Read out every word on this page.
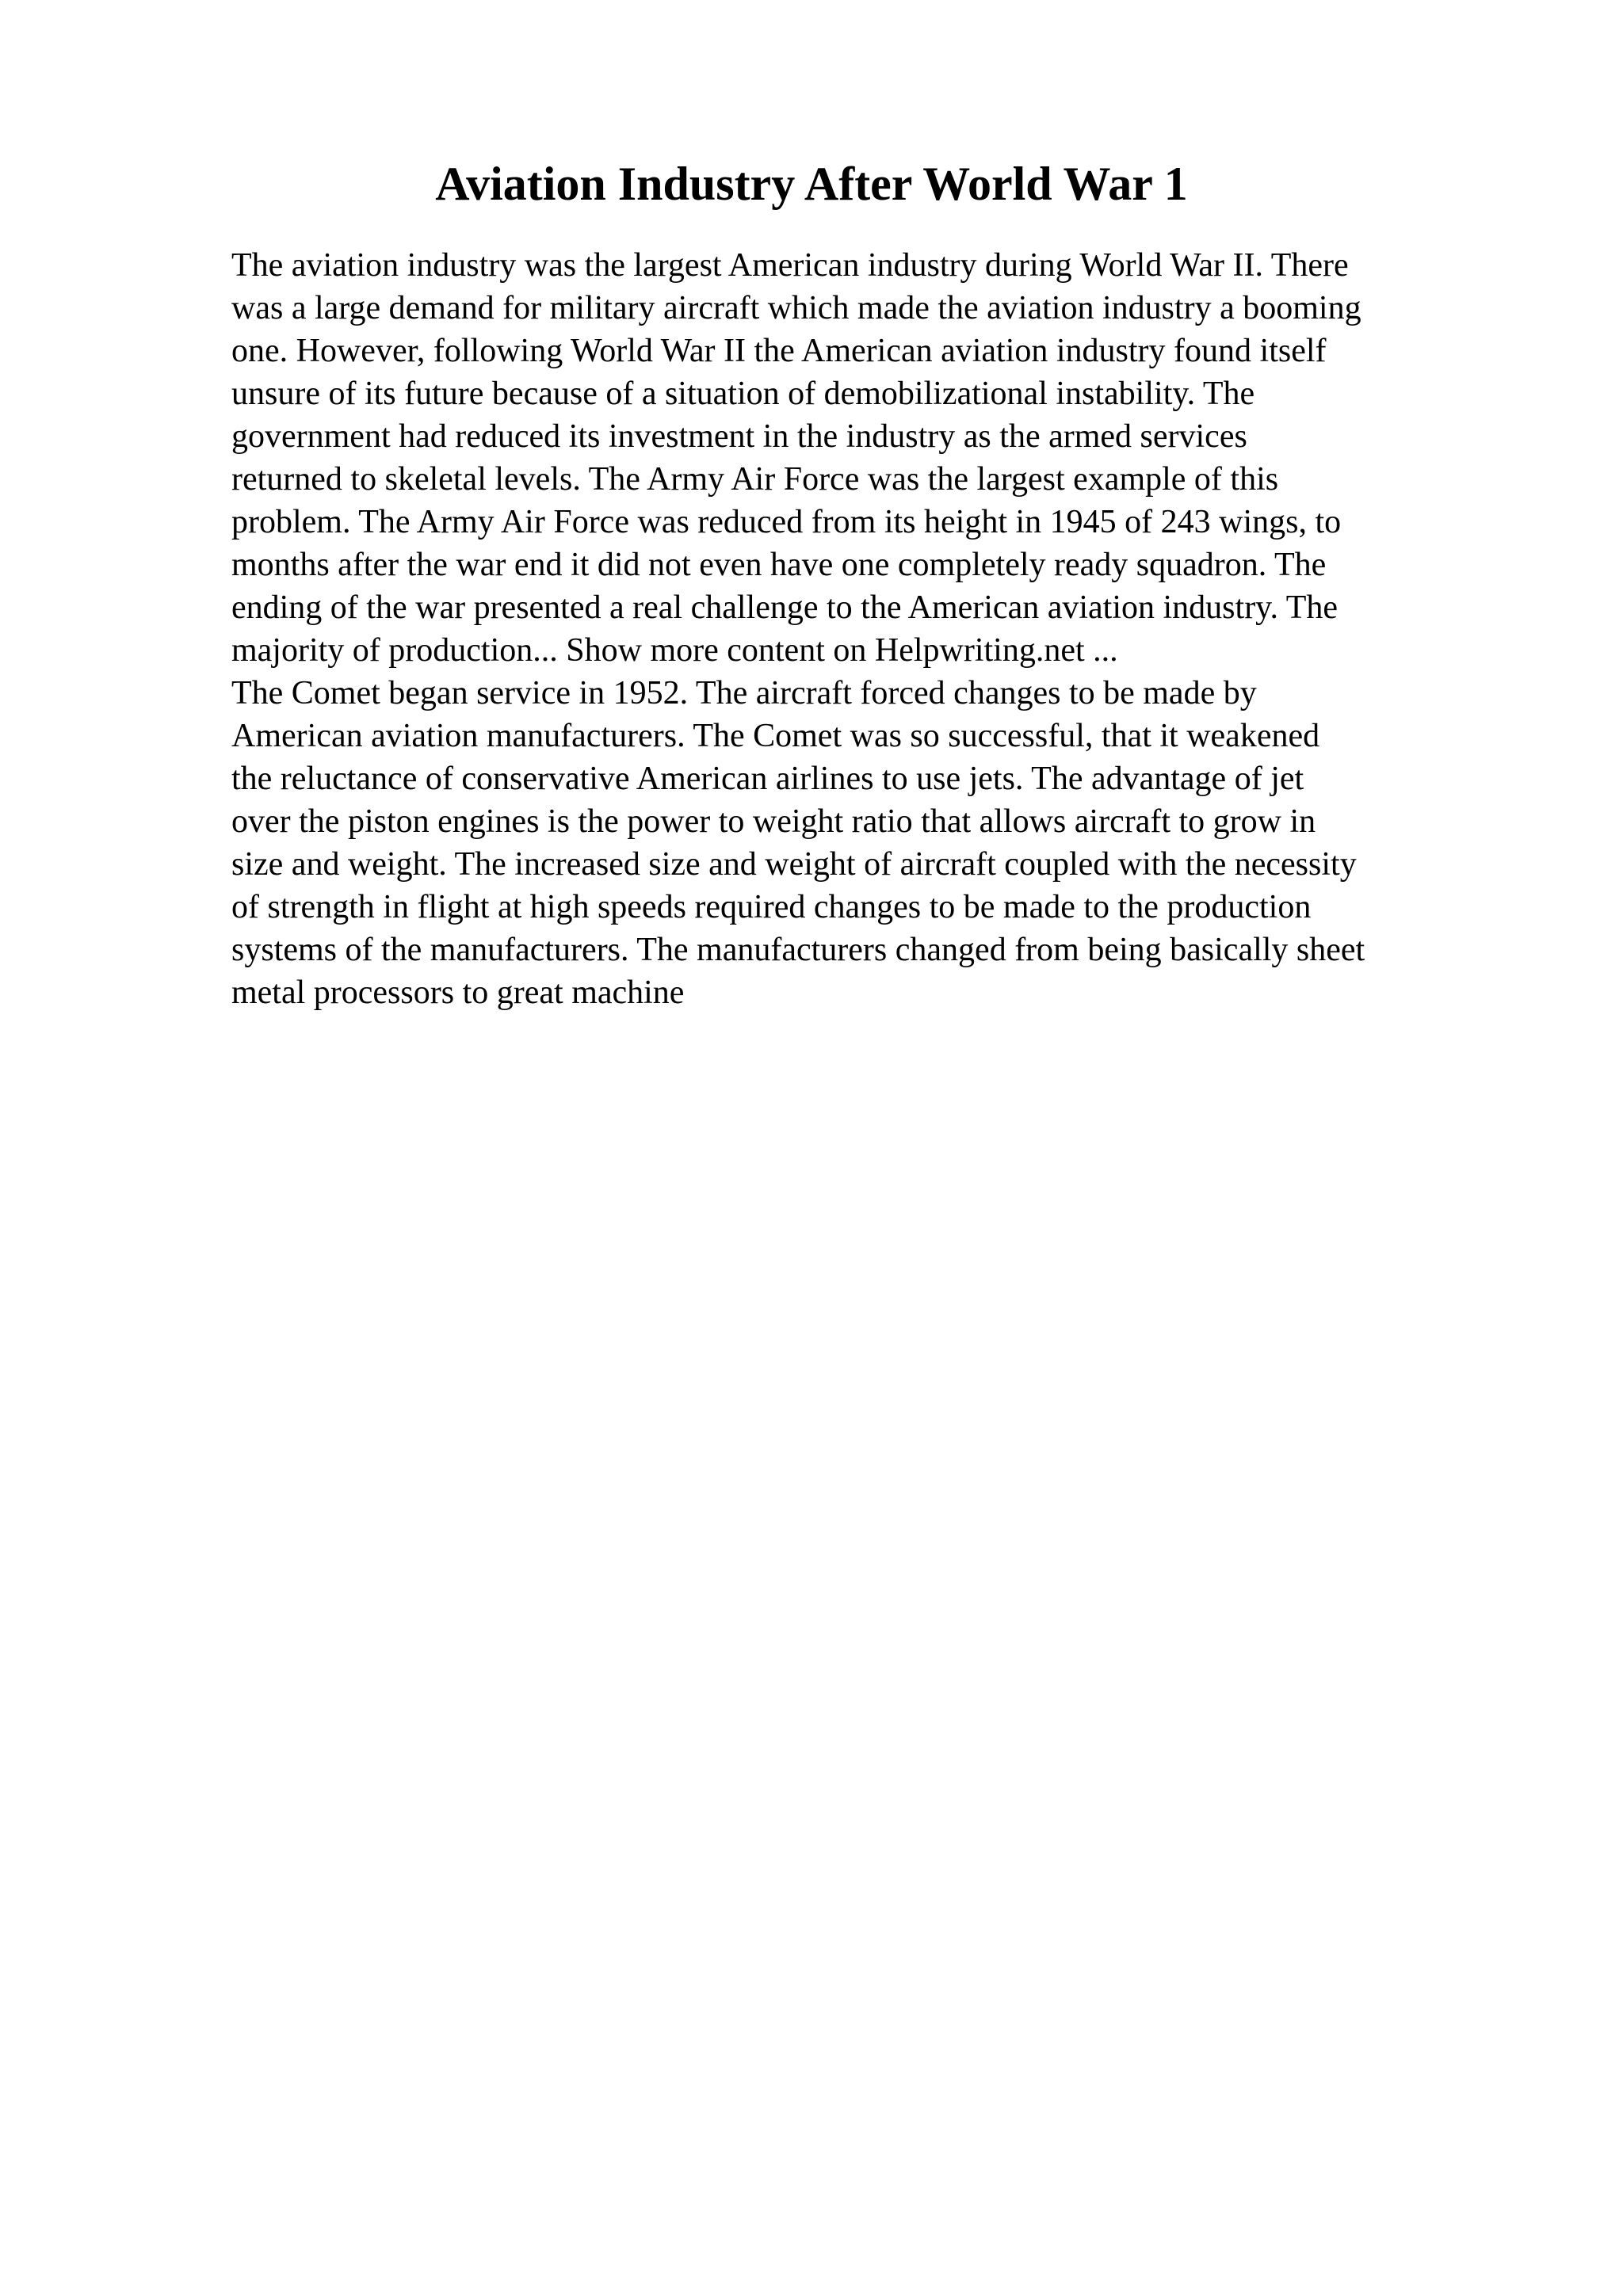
Aviation Industry After World War 1
The aviation industry was the largest American industry during World War II. There
was a large demand for military aircraft which made the aviation industry a booming
one. However, following World War II the American aviation industry found itself
unsure of its future because of a situation of demobilizational instability. The
government had reduced its investment in the industry as the armed services
returned to skeletal levels. The Army Air Force was the largest example of this
problem. The Army Air Force was reduced from its height in 1945 of 243 wings, to
months after the war end it did not even have one completely ready squadron. The
ending of the war presented a real challenge to the American aviation industry. The
majority of production... Show more content on Helpwriting.net ...
The Comet began service in 1952. The aircraft forced changes to be made by
American aviation manufacturers. The Comet was so successful, that it weakened
the reluctance of conservative American airlines to use jets. The advantage of jet
over the piston engines is the power to weight ratio that allows aircraft to grow in
size and weight. The increased size and weight of aircraft coupled with the necessity
of strength in flight at high speeds required changes to be made to the production
systems of the manufacturers. The manufacturers changed from being basically sheet
metal processors to great machine
